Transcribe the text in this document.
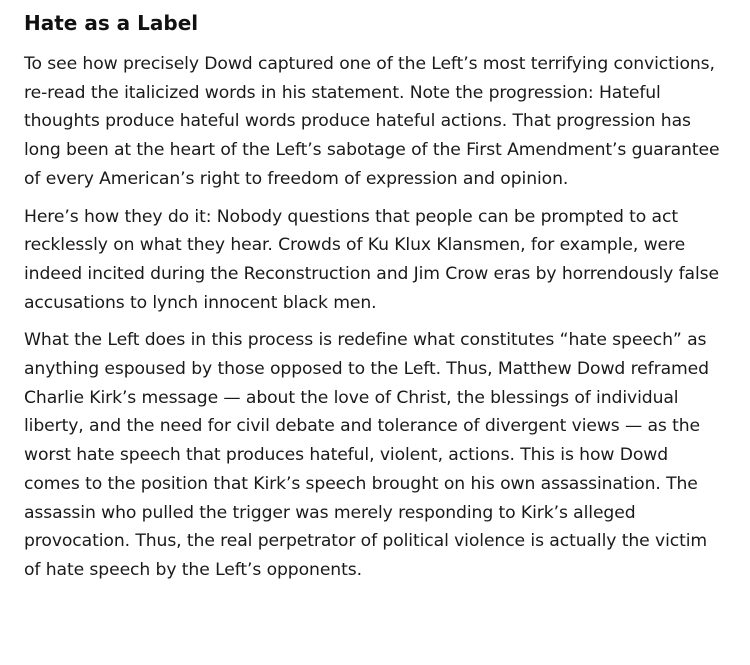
Hate as a Label

To see how precisely Dowd captured one of the Left’s most terrifying convictions, re-read the italicized words in his statement. Note the progression: Hateful thoughts produce hateful words produce hateful actions. That progression has long been at the heart of the Left’s sabotage of the First Amendment’s guarantee of every American’s right to freedom of expression and opinion.

Here’s how they do it: Nobody questions that people can be prompted to act recklessly on what they hear. Crowds of Ku Klux Klansmen, for example, were indeed incited during the Reconstruction and Jim Crow eras by horrendously false accusations to lynch innocent black men.

What the Left does in this process is redefine what constitutes “hate speech” as anything espoused by those opposed to the Left. Thus, Matthew Dowd reframed Charlie Kirk’s message — about the love of Christ, the blessings of individual liberty, and the need for civil debate and tolerance of divergent views — as the worst hate speech that produces hateful, violent, actions. This is how Dowd comes to the position that Kirk’s speech brought on his own assassination. The assassin who pulled the trigger was merely responding to Kirk’s alleged provocation. Thus, the real perpetrator of political violence is actually the victim of hate speech by the Left’s opponents.
